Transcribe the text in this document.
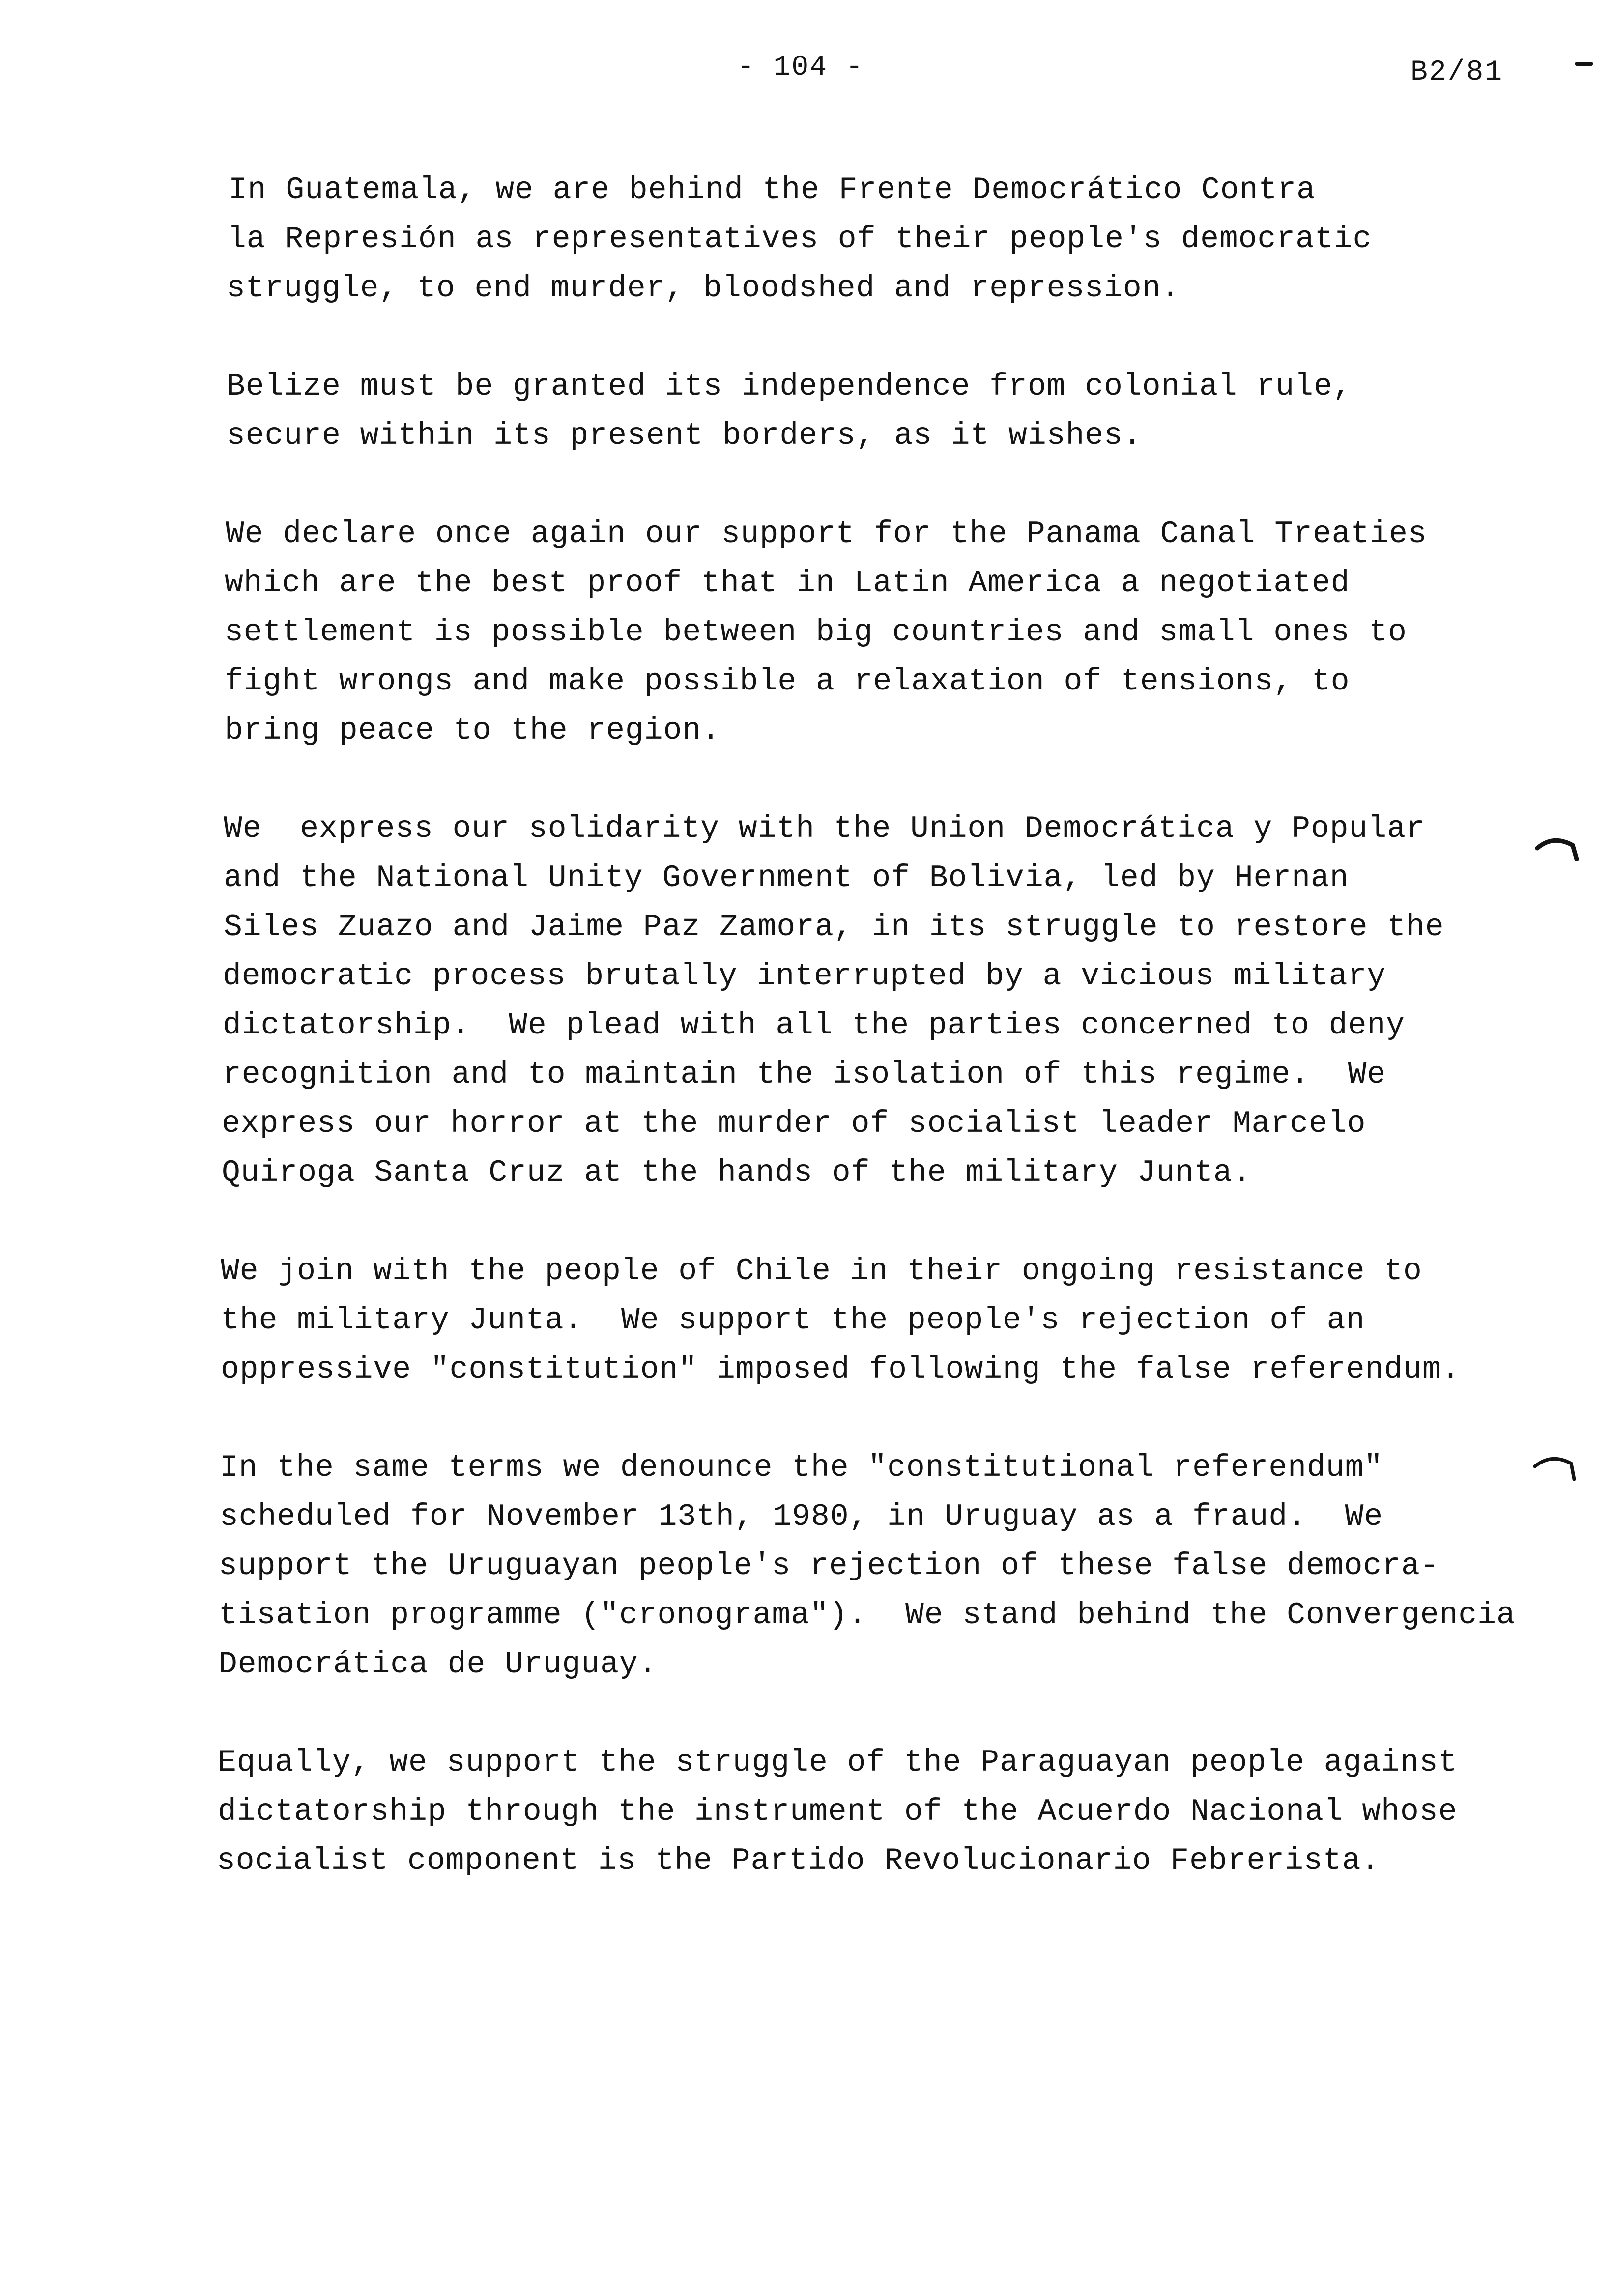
- 104 -	B2/81
In Guatemala, we are behind the Frente Democrático Contra
la Represión as representatives of their people's democratic
struggle, to end murder, bloodshed and repression.
Belize must be granted its independence from colonial rule,
secure within its present borders, as it wishes.
We declare once again our support for the Panama Canal Treaties
which are the best proof that in Latin America a negotiated
settlement is possible between big countries and small ones to
fight wrongs and make possible a relaxation of tensions, to
bring peace to the region.
We  express our solidarity with the Union Democrática y Popular
and the National Unity Government of Bolivia, led by Hernan
Siles Zuazo and Jaime Paz Zamora, in its struggle to restore the
democratic process brutally interrupted by a vicious military
dictatorship.  We plead with all the parties concerned to deny
recognition and to maintain the isolation of this regime.  We
express our horror at the murder of socialist leader Marcelo
Quiroga Santa Cruz at the hands of the military Junta.
We join with the people of Chile in their ongoing resistance to
the military Junta.  We support the people's rejection of an
oppressive "constitution" imposed following the false referendum.
In the same terms we denounce the "constitutional referendum"
scheduled for November 13th, 1980, in Uruguay as a fraud.  We
support the Uruguayan people's rejection of these false democra-
tisation programme ("cronograma").  We stand behind the Convergencia
Democrática de Uruguay.
Equally, we support the struggle of the Paraguayan people against
dictatorship through the instrument of the Acuerdo Nacional whose
socialist component is the Partido Revolucionario Febrerista.
